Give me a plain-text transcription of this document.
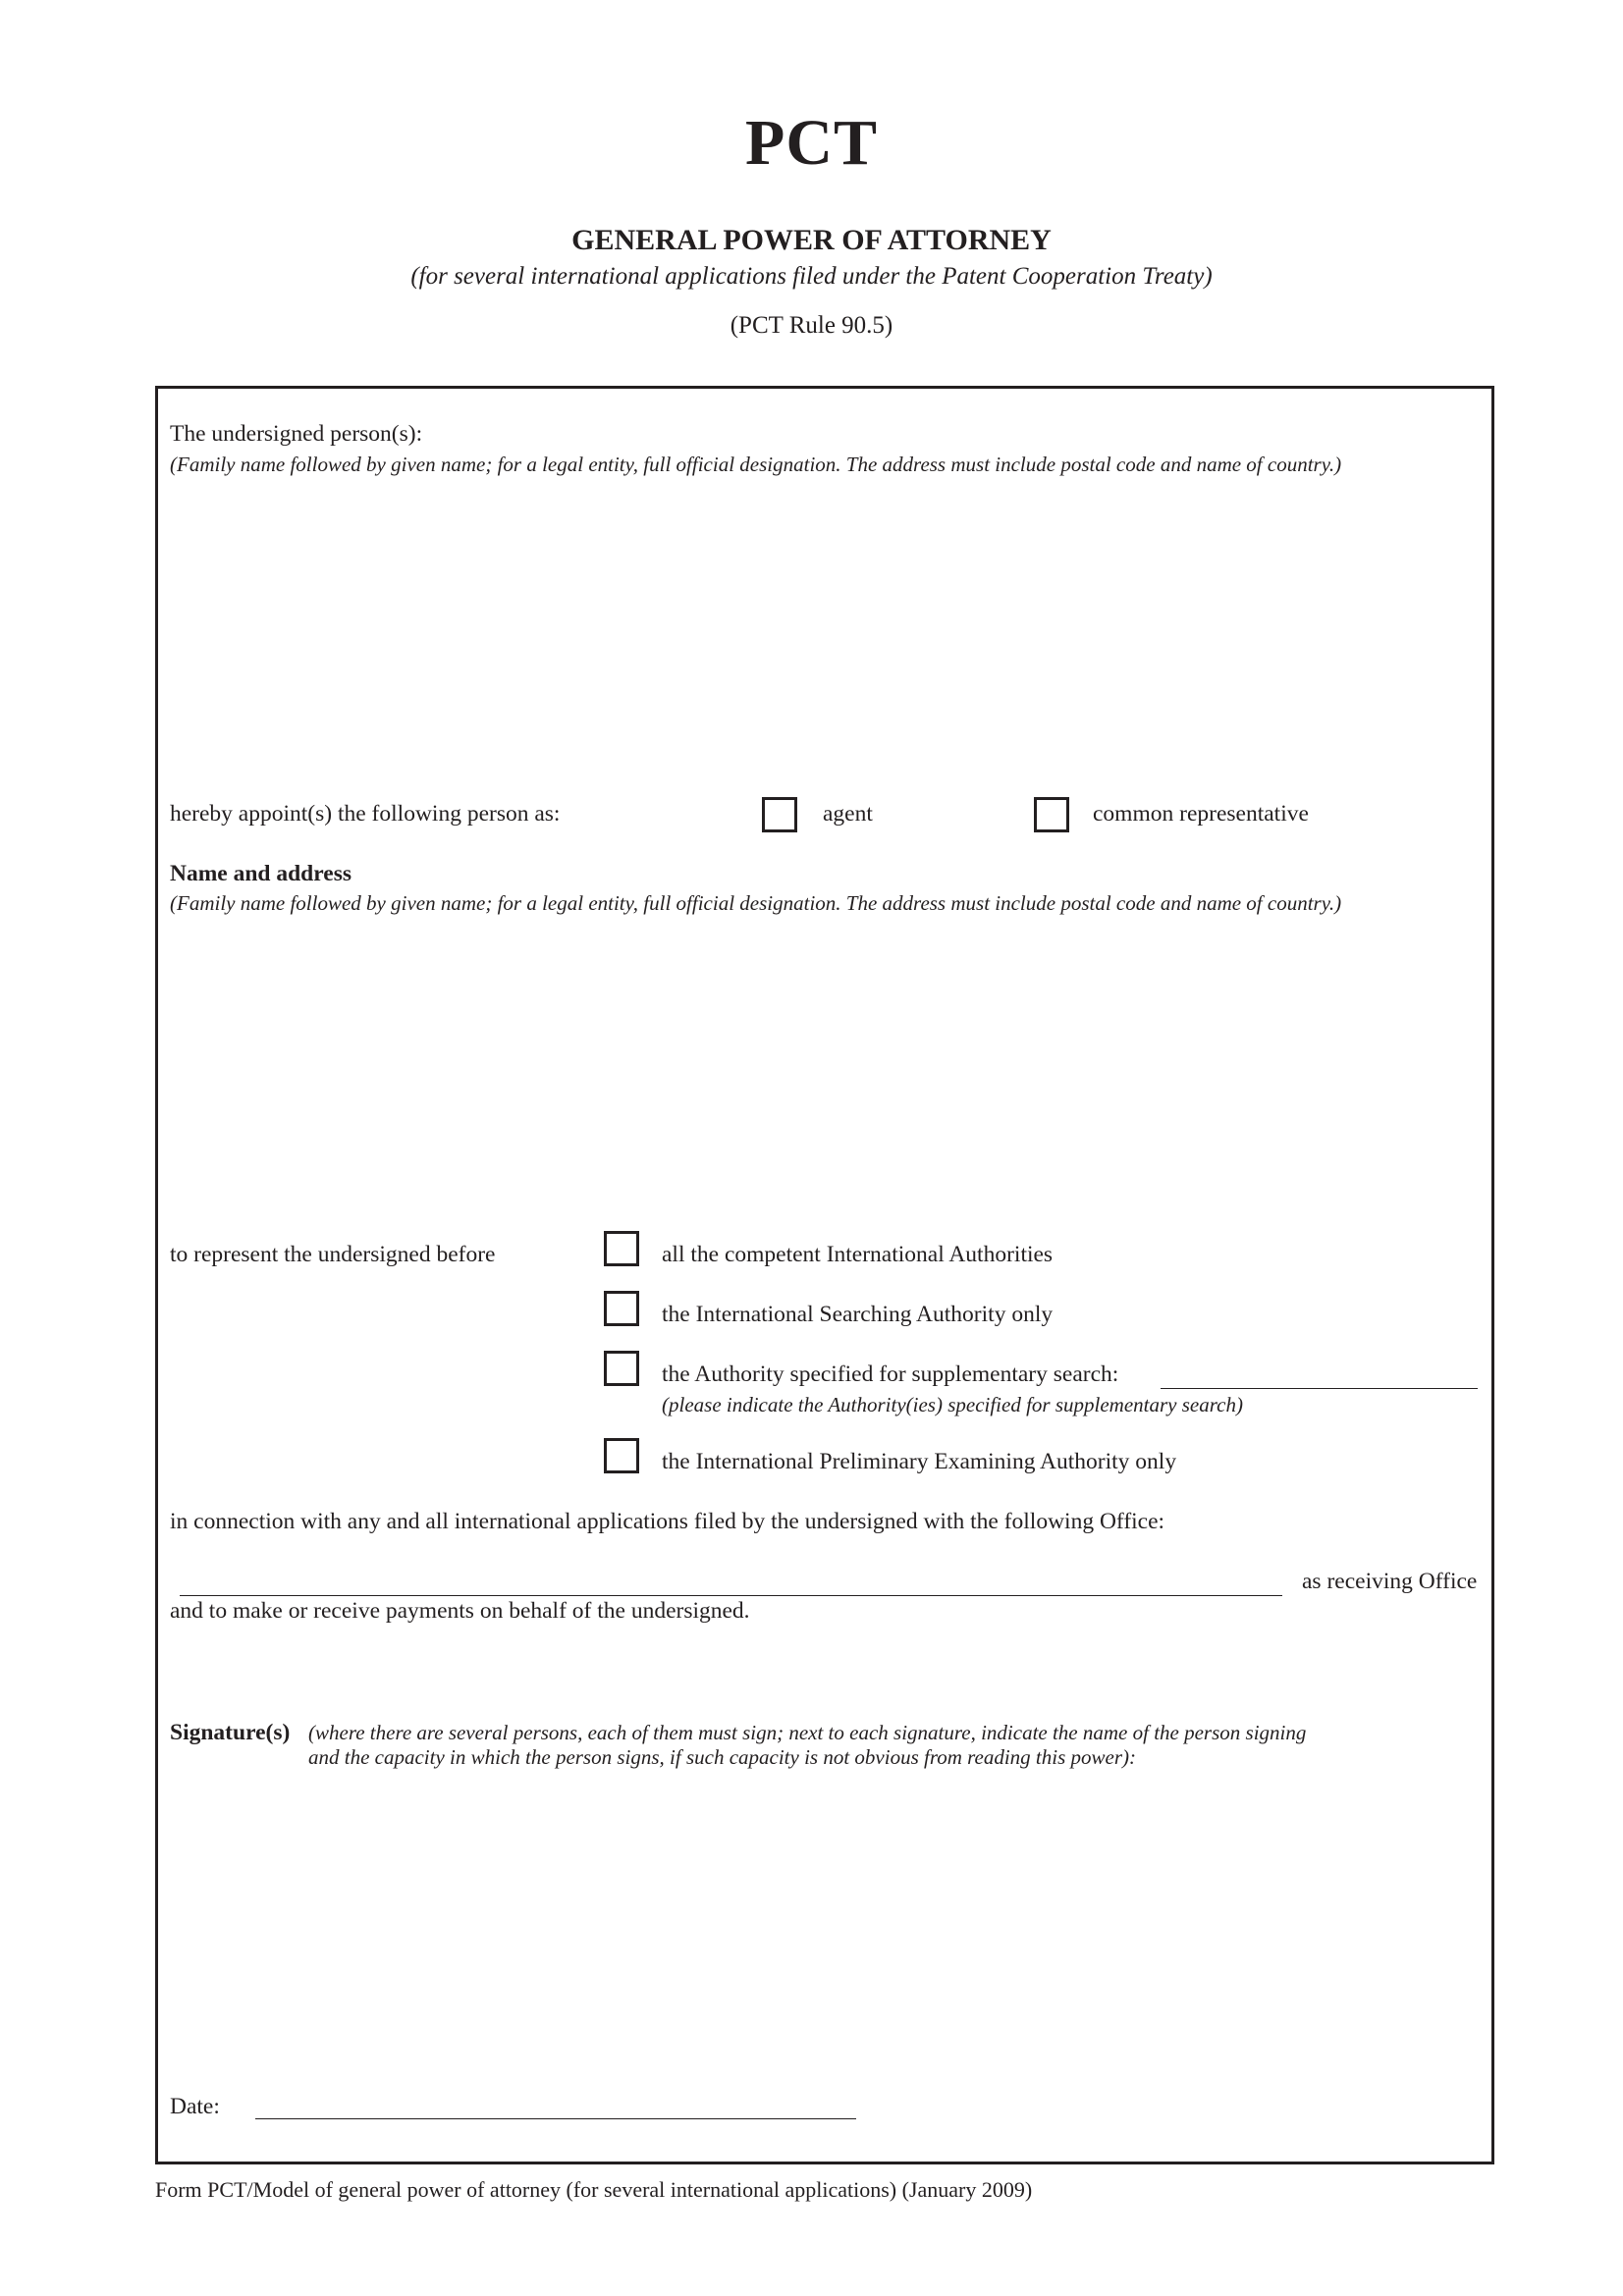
PCT
GENERAL POWER OF ATTORNEY
(for several international applications filed under the Patent Cooperation Treaty)
(PCT Rule 90.5)
The undersigned person(s):
(Family name followed by given name; for a legal entity, full official designation. The address must include postal code and name of country.)
hereby appoint(s) the following person as:	agent	common representative
Name and address
(Family name followed by given name; for a legal entity, full official designation. The address must include postal code and name of country.)
to represent the undersigned before	all the competent International Authorities
the International Searching Authority only
the Authority specified for supplementary search:
(please indicate the Authority(ies) specified for supplementary search)
the International Preliminary Examining Authority only
in connection with any and all international applications filed by the undersigned with the following Office:
as receiving Office
and to make or receive payments on behalf of the undersigned.
Signature(s) (where there are several persons, each of them must sign; next to each signature, indicate the name of the person signing
and the capacity in which the person signs, if such capacity is not obvious from reading this power):
Date:
Form PCT/Model of general power of attorney (for several international applications) (January 2009)
